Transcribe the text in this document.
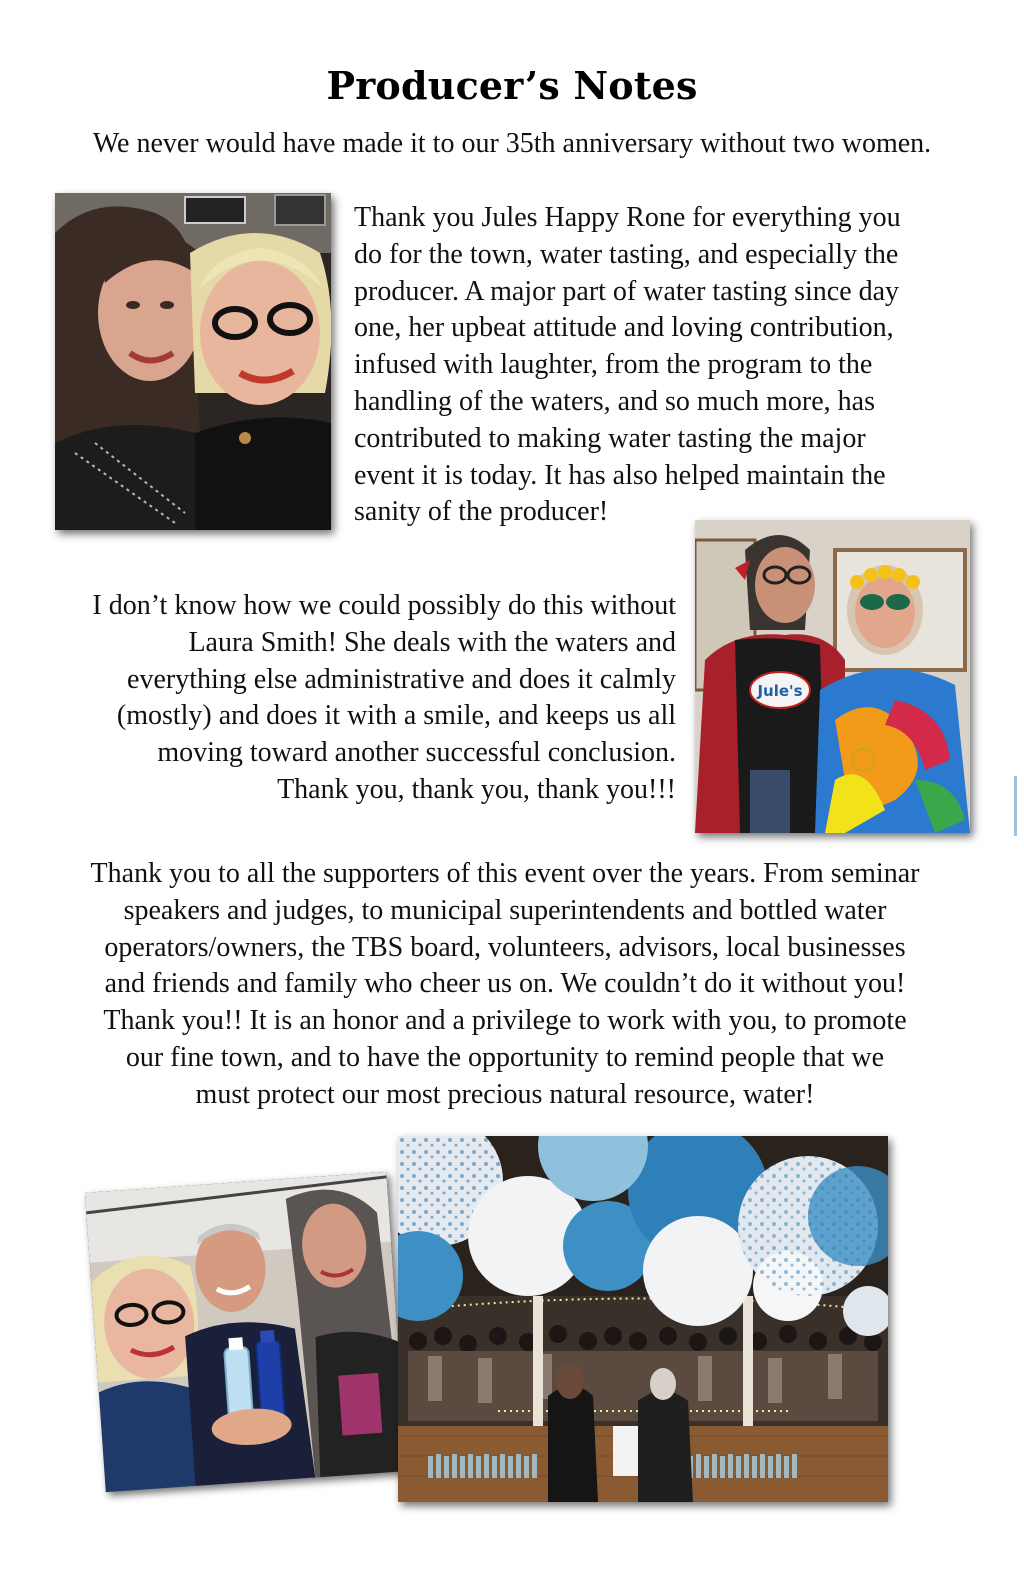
Producer’s Notes
We never would have made it to our 35th anniversary without two women.
Thank you Jules Happy Rone for everything you
do for the town, water tasting, and especially the
producer. A major part of water tasting since day
one, her upbeat attitude and loving contribution,
infused with laughter, from the program to the
handling of the waters, and so much more, has
contributed to making water tasting the major
event it is today. It has also helped maintain the
sanity of the producer!
I don’t know how we could possibly do this without
Laura Smith! She deals with the waters and
everything else administrative and does it calmly
(mostly) and does it with a smile, and keeps us all
moving toward another successful conclusion.
Thank you, thank you, thank you!!!
Jule's
Thank you to all the supporters of this event over the years. From seminar
speakers and judges, to municipal superintendents and bottled water
operators/owners, the TBS board, volunteers, advisors, local businesses
and friends and family who cheer us on. We couldn’t do it without you!
Thank you!! It is an honor and a privilege to work with you, to promote
our fine town, and to have the opportunity to remind people that we
must protect our most precious natural resource, water!
